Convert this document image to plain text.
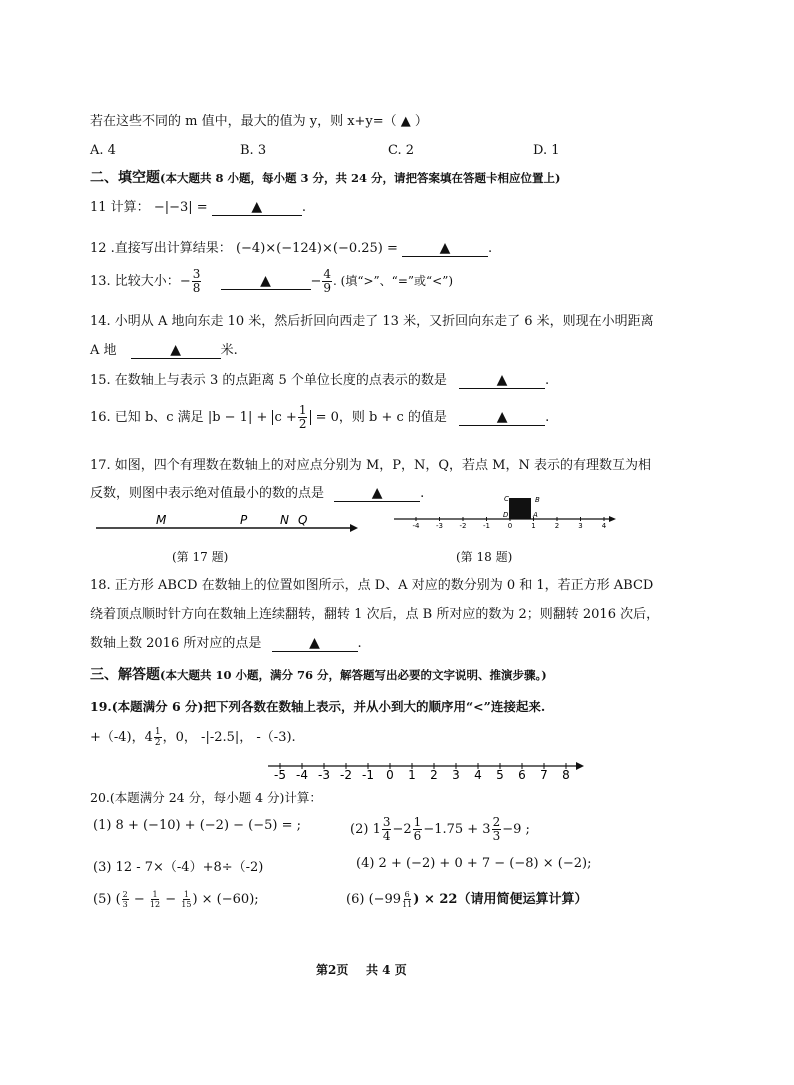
若在这些不同的 m 值中，最大的值为 y，则 x+y=（ ▲ ）
A. 4	B. 3	C. 2	D. 1
二、填空题(本大题共 8 小题，每小题 3 分，共 24 分，请把答案填在答题卡相应位置上)
11 计算： −|−3| =	▲	.
12 .直接写出计算结果： (−4)×(−124)×(−0.25) =	▲	.
13. 比较大小：− $\frac{3}{8}$	▲	− $\frac{4}{9}$ . (填“>”、“=”或“<”)
14. 小明从 A 地向东走 10 米，然后折回向西走了 13 米，又折回向东走了 6 米，则现在小明距离
A 地	▲	米.
15. 在数轴上与表示 3 的点距离 5 个单位长度的点表示的数是	▲	.
16. 已知 b、c 满足 $|b - 1| + c + \frac{1}{2} = 0$，则 b + c 的值是	▲	.
17. 如图，四个有理数在数轴上的对应点分别为 M，P，N，Q，若点 M，N 表示的有理数互为相
反数，则图中表示绝对值最小的数的点是	▲	.
M	P	N Q
(第 17 题)
-4 -3 -2 -1	0	1	2	3	4
C	B
D	A
(第 18 题)
18. 正方形 ABCD 在数轴上的位置如图所示，点 D、A 对应的数分别为 0 和 1，若正方形 ABCD
绕着顶点顺时针方向在数轴上连续翻转，翻转 1 次后，点 B 所对应的数为 2；则翻转 2016 次后，
数轴上数 2016 所对应的点是	▲	.
三、解答题(本大题共 10 小题，满分 76 分，解答题写出必要的文字说明、推演步骤。)
19.(本题满分 6 分)把下列各数在数轴上表示，并从小到大的顺序用“<”连接起来.
+（-4)，$4 \frac{1}{2}$ ，0， -|-2.5|， -（-3).
-5 -4 -3 -2 -1 0 1 2 3 4 5 6 7 8
20.(本题满分 24 分，每小题 4 分)计算：
(1) 8 + (−10) + (−2) − (−5) = ;	(2) $1 \frac{3}{4} -2 \frac{1}{6} -1.75 + 3 \frac{2}{3} -9$ ;
(3) 12 - 7×（-4）+8÷（-2)	(4) 2 + (−2) + 0 + 7 − (−8) × (−2);
(5) ( $\frac{2}{3} - \frac{1}{12} - \frac{1}{15}$ ) × (−60);	(6) ($-99 \frac{6}{11}$ ) × 22（请用简便运算计算）
第2页 共 4 页
